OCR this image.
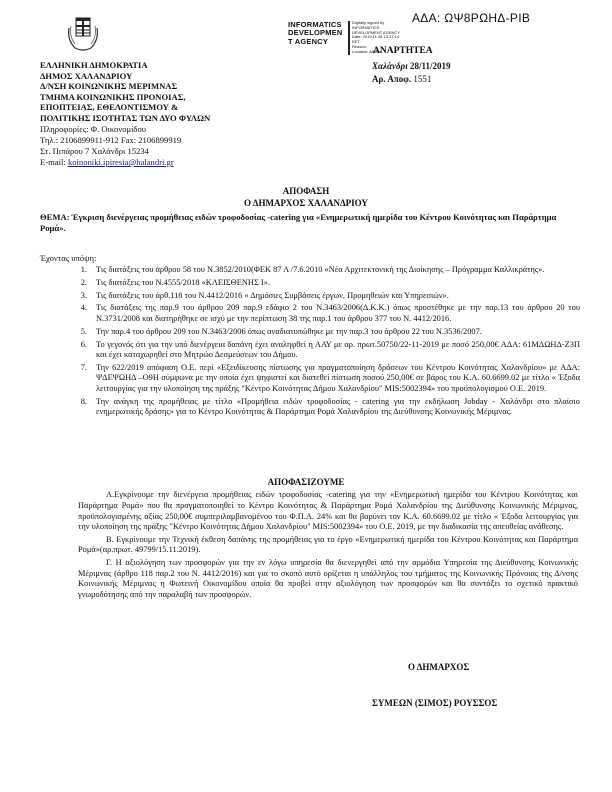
ΑΔΑ: ΩΨ8ΡΩΗΔ-ΡΙΒ
INFORMATICS
DEVELOPMEN
T AGENCY
Digitally signed by
INFORMATICS
DEVELOPMENT AGENCY
Date: 2019.11.28 13:37:14
EET
Reason:
Location: Athens
ΑΝΑΡΤΗΤΕΑ
Χαλάνδρι 28/11/2019
Αρ. Αποφ. 1551
ΕΛΛΗΝΙΚΗ ΔΗΜΟΚΡΑΤΙΑ
ΔΗΜΟΣ ΧΑΛΑΝΔΡΙΟΥ
Δ/ΝΣΗ ΚΟΙΝΩΝΙΚΗΣ ΜΕΡΙΜΝΑΣ
ΤΜΗΜΑ ΚΟΙΝΩΝΙΚΗΣ ΠΡΟΝΟΙΑΣ,
ΕΠΟΠΤΕΙΑΣ, ΕΘΕΛΟΝΤΙΣΜΟΥ &
ΠΟΛΙΤΙΚΗΣ ΙΣΟΤΗΤΑΣ ΤΩΝ ΔΥΟ ΦΥΛΩΝ
Πληροφορίες: Φ. Οικονομίδου
Τηλ.: 2106899911-912 Fax: 2106899919
Στ. Πιπάρου 7 Χαλάνδρι 15234
E-mail: koinoniki.ipiresia@halandri.gr
ΑΠΟΦΑΣΗ
Ο ΔΗΜΑΡΧΟΣ ΧΑΛΑΝΔΡΙΟΥ
ΘΕΜΑ: Έγκριση διενέργειας προμήθειας ειδών τροφοδοσίας -catering για «Ενημερωτική ημερίδα του Κέντρου Κοινότητας και Παράρτημα Ρομά».
Έχοντας υπόψη:
1.	Τις διατάξεις του άρθρου 58 του Ν.3852/2010(ΦΕΚ 87 Α /7.6.2010 «Νέα Αρχιτεκτονική της Διοίκησης – Πρόγραμμα Καλλικράτης».
2.	Τις διατάξεις του Ν.4555/2018 «ΚΛΕΙΣΘΕΝΗΣ Ι».
3.	Τις διατάξεις του άρθ.118 του Ν.4412/2016 « Δημόσιες Συμβάσεις έργων, Προμηθειών και Υπηρεσιών».
4.	Τις διατάξεις της παρ.9 του άρθρου 209 παρ.9 εδάφιο 2 του Ν.3463/2006(Δ.Κ.Κ.) όπως προστέθηκε με την παρ.13 του άρθρου 20 του Ν.3731/2008 και διατηρήθηκε σε ισχύ με την περίπτωση 38 της παρ.1 του άρθρου 377 του Ν. 4412/2016.
5.	Την παρ.4 του άρθρου 209 του Ν.3463/2006 όπως αναδιατυπώθηκε με την παρ.3 του άρθρου 22 του Ν.3536/2007.
6.	Το γεγονός ότι για την υπό διενέργεια δαπάνη έχει αναληφθεί η ΑΑΥ με αρ. πρωτ.50750/22-11-2019 με ποσό 250,00€ ΑΔΑ: 61ΜΔΩΗΔ-Ζ3Π και έχει καταχωρηθεί στο Μητρώο Δεσμεύσεων του Δήμου.
7.	Την 622/2019 απόφαση Ο.Ε. περί «Εξειδίκευσης πίστωσης για πραγματοποίηση δράσεων του Κέντρου Κοινότητας Χαλανδρίου» με ΑΔΑ: ΨΔΕΨΩΗΔ –Ο9Η σύμφωνα με την οποία έχει ψηφιστεί και διατεθεί πίστωση ποσού 250,00€ σε βάρος του Κ.Α. 60.6699.02 με τίτλο « Έξοδα λειτουργίας για την υλοποίηση της πράξης "Κέντρο Κοινότητας Δήμου Χαλανδρίου" MIS:5002394» του προϋπολογισμού Ο.Ε. 2019.
8.	Την ανάγκη της προμήθειας με τίτλο «Προμήθεια ειδών τροφοδοσίας - catering για την εκδήλωση Jobday - Χαλάνδρι στο πλαίσιο ενημερωτικής δράσης» για το Κέντρο Κοινότητας & Παράρτημα Ρομά Χαλανδρίου της Διεύθυνσης Κοινωνικής Μέριμνας.
ΑΠΟΦΑΣΙΖΟΥΜΕ

Α.Εγκρίνουμε την διενέργεια προμήθειας ειδών τροφοδοσίας -catering για την «Ενημερωτική ημερίδα του Κέντρου Κοινότητας και Παράρτημα Ρομά» που θα πραγματοποιηθεί το Κέντρο Κοινότητας & Παράρτημα Ρομά Χαλανδρίου της Διεύθυνσης Κοινωνικής Μέριμνας, προϋπολογισμένης αξίας 250,00€ συμπεριλαμβανομένου του Φ.Π.Α. 24% και θα βαρύνει τον Κ.Α. 60.6699.02 με τίτλο « Έξοδα λειτουργίας για την υλοποίηση της πράξης "Κέντρο Κοινότητας Δήμου Χαλανδρίου" MIS:5002394» του Ο.Ε. 2019, με την διαδικασία της απευθείας ανάθεσης.

Β. Εγκρίνουμε την Τεχνική έκθεση δαπάνης της προμήθειας για το έργο «Ενημερωτική ημερίδα του Κέντρου Κοινότητας και Παράρτημα Ρομά»(αρ.πρωτ. 49799/15.11.2019).

Γ. Η αξιολόγηση των προσφορών για την εν λόγω υπηρεσία θα διενεργηθεί από την αρμόδια Υπηρεσία της Διεύθυνσης Κοινωνικής Μέριμνας (άρθρο 118 παρ.2 του Ν. 4412/2016) και για το σκοπό αυτό ορίζεται η υπάλληλος του τμήματος της Κοινωνικής Πρόνοιας της Δ/νσης Κοινωνικής Μέριμνας η Φωτεινή Οικονομίδου οποία θα προβεί στην αξιολόγηση των προσφορών και θα συντάξει το σχετικό πρακτικό γνωμοδότησης από την παραλαβή των προσφορών.

Ο ΔΗΜΑΡΧΟΣ
ΣΥΜΕΩΝ (ΣΙΜΟΣ) ΡΟΥΣΣΟΣ
